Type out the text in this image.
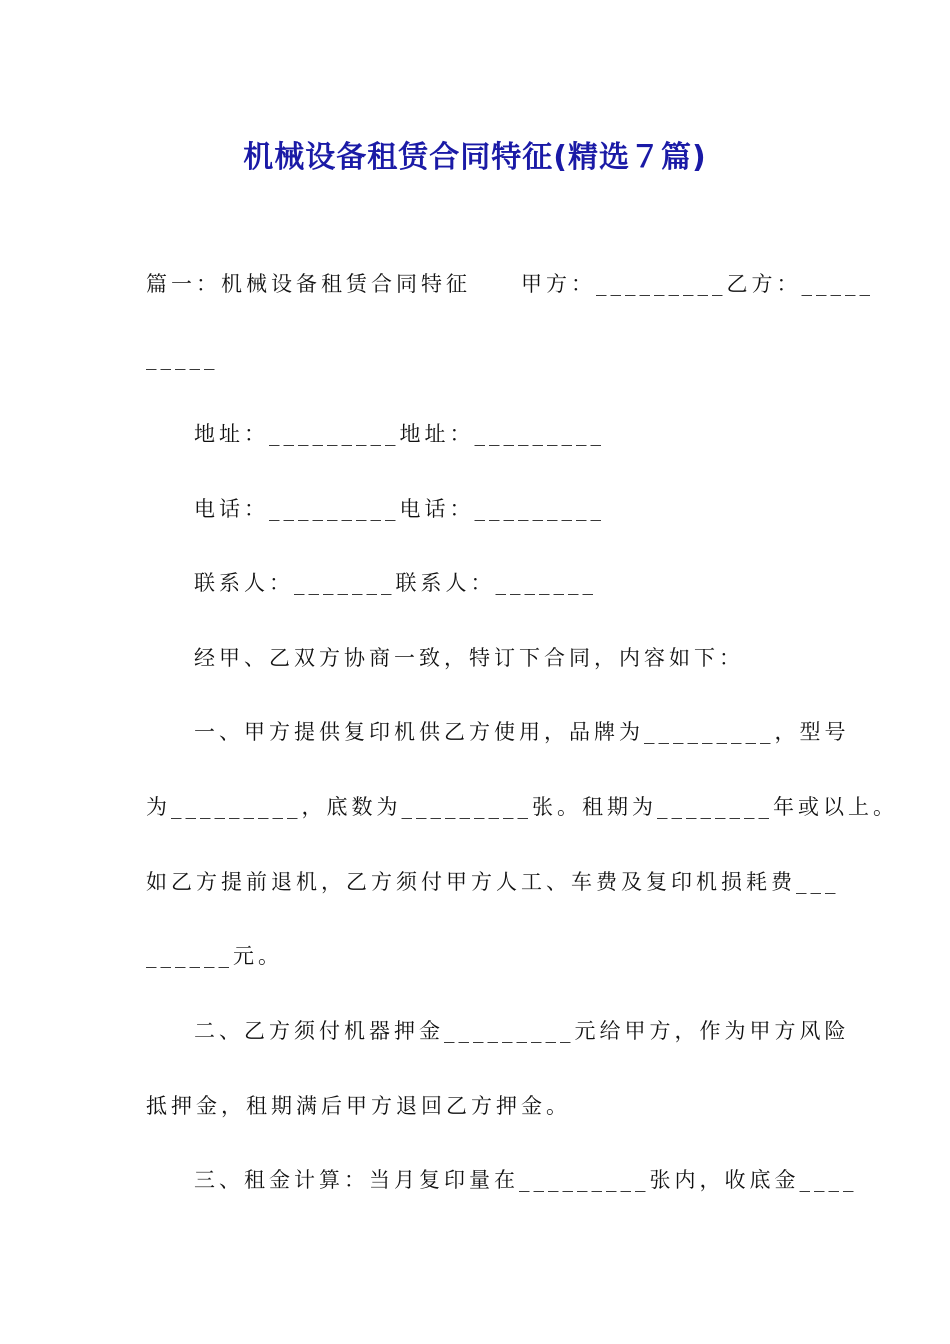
机械设备租赁合同特征(精选７篇)
篇一：机械设备租赁合同特征　　甲方：_________乙方：_____
_____
地址：_________地址：_________
电话：_________电话：_________
联系人：_______联系人：_______
经甲、乙双方协商一致，特订下合同，内容如下：
一、甲方提供复印机供乙方使用，品牌为_________，型号
为_________，底数为_________张。租期为________年或以上。
如乙方提前退机，乙方须付甲方人工、车费及复印机损耗费___
______元。
二、乙方须付机器押金_________元给甲方，作为甲方风险
抵押金，租期满后甲方退回乙方押金。
三、租金计算：当月复印量在_________张内，收底金____
